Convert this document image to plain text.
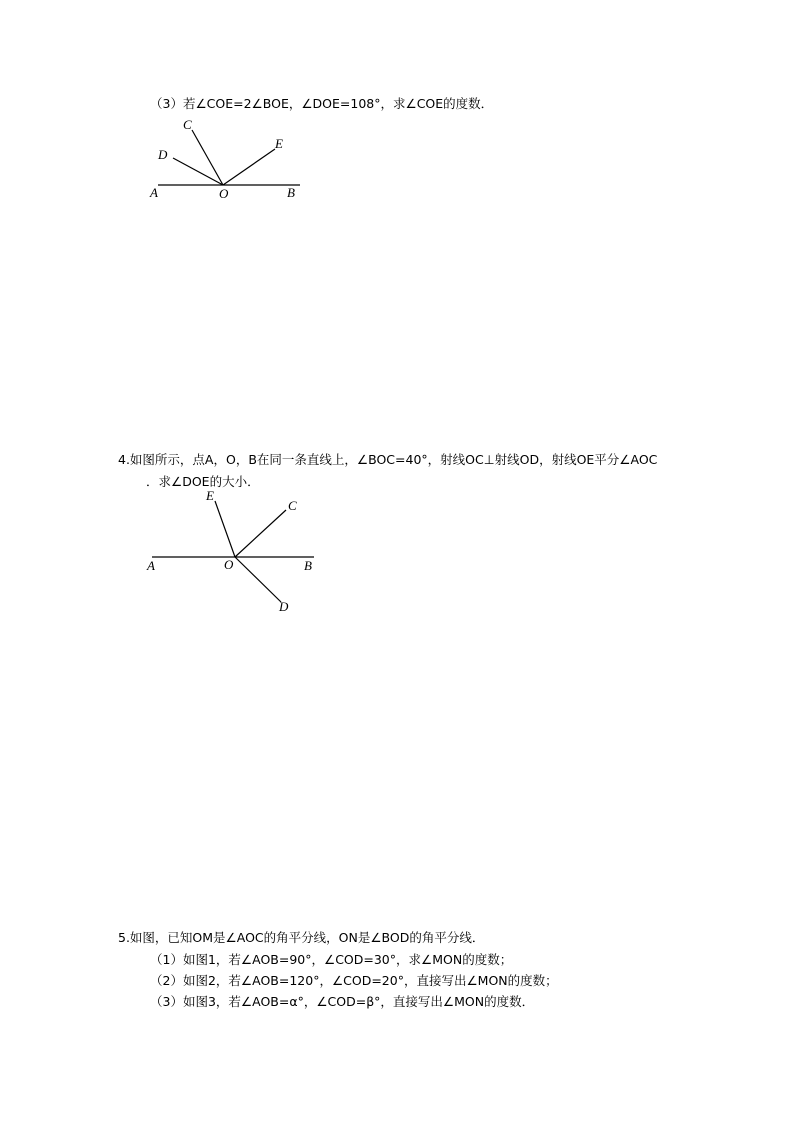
（3）若∠COE=2∠BOE，∠DOE=108°，求∠COE的度数．
C
D
E
A	O	B
4.如图所示，点A，O，B在同一条直线上，∠BOC=40°，射线OC⊥射线OD，射线OE平分∠AOC
．求∠DOE的大小．
E
C
A	O	B
D
5.如图，已知OM是∠AOC的角平分线，ON是∠BOD的角平分线．
（1）如图1，若∠AOB=90°，∠COD=30°，求∠MON的度数；
（2）如图2，若∠AOB=120°，∠COD=20°，直接写出∠MON的度数；
（3）如图3，若∠AOB=α°，∠COD=β°，直接写出∠MON的度数．
